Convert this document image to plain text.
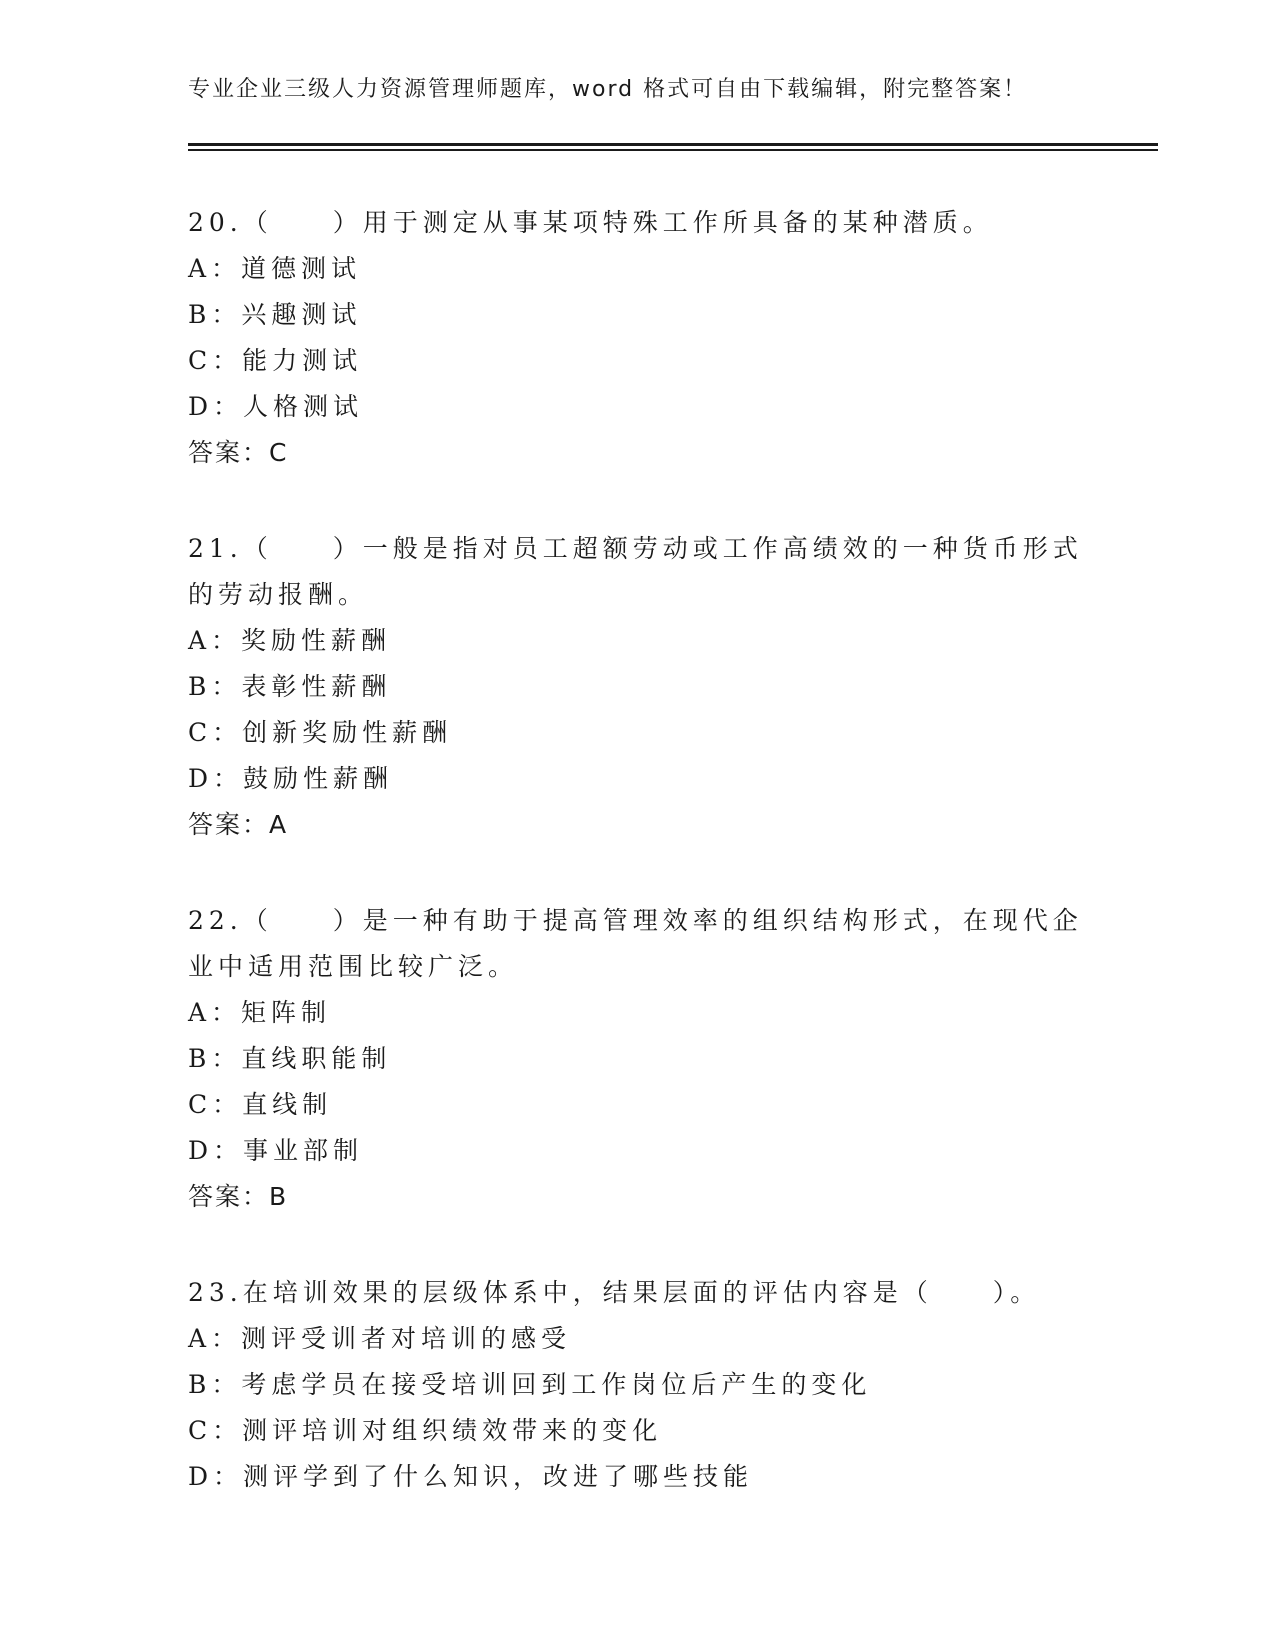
专业企业三级人力资源管理师题库，word 格式可自由下载编辑，附完整答案！
20.（　　）用于测定从事某项特殊工作所具备的某种潜质。
A：道德测试
B：兴趣测试
C：能力测试
D：人格测试
答案：C
21.（　　）一般是指对员工超额劳动或工作高绩效的一种货币形式的劳动报酬。
A：奖励性薪酬
B：表彰性薪酬
C：创新奖励性薪酬
D：鼓励性薪酬
答案：A
22.（　　）是一种有助于提高管理效率的组织结构形式，在现代企业中适用范围比较广泛。
A：矩阵制
B：直线职能制
C：直线制
D：事业部制
答案：B
23.在培训效果的层级体系中，结果层面的评估内容是（　　）。
A：测评受训者对培训的感受
B：考虑学员在接受培训回到工作岗位后产生的变化
C：测评培训对组织绩效带来的变化
D：测评学到了什么知识，改进了哪些技能
